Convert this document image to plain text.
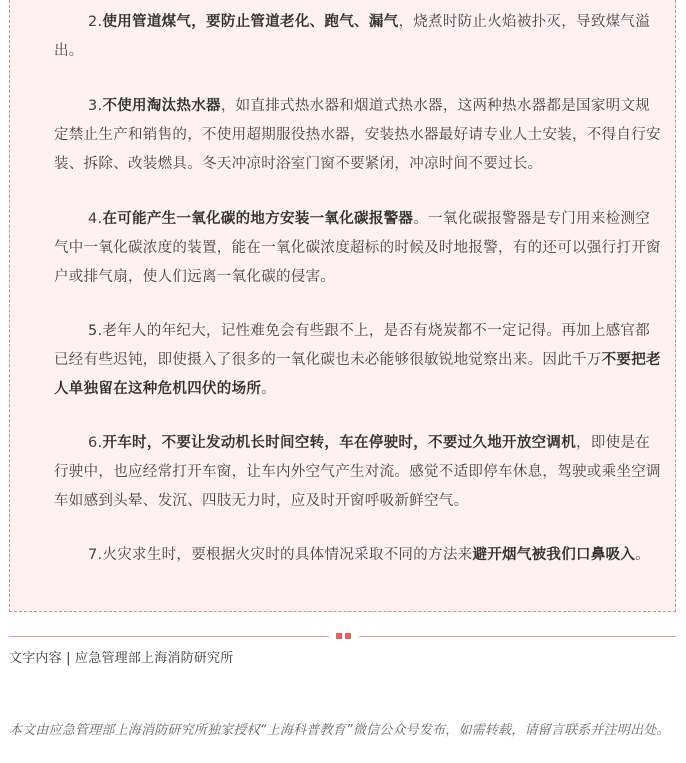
2.使用管道煤气，要防止管道老化、跑气、漏气，烧煮时防止火焰被扑灭，导致煤气溢出。

3.不使用淘汰热水器，如直排式热水器和烟道式热水器，这两种热水器都是国家明文规定禁止生产和销售的，不使用超期服役热水器，安装热水器最好请专业人士安装，不得自行安装、拆除、改装燃具。冬天冲凉时浴室门窗不要紧闭，冲凉时间不要过长。

4.在可能产生一氧化碳的地方安装一氧化碳报警器。一氧化碳报警器是专门用来检测空气中一氧化碳浓度的装置，能在一氧化碳浓度超标的时候及时地报警，有的还可以强行打开窗户或排气扇，使人们远离一氧化碳的侵害。

5.老年人的年纪大，记性难免会有些跟不上，是否有烧炭都不一定记得。再加上感官都已经有些迟钝，即使摄入了很多的一氧化碳也未必能够很敏锐地觉察出来。因此千万不要把老人单独留在这种危机四伏的场所。

6.开车时，不要让发动机长时间空转，车在停驶时，不要过久地开放空调机，即使是在行驶中，也应经常打开车窗，让车内外空气产生对流。感觉不适即停车休息，驾驶或乘坐空调车如感到头晕、发沉、四肢无力时，应及时开窗呼吸新鲜空气。

7.火灾求生时，要根据火灾时的具体情况采取不同的方法来避开烟气被我们口鼻吸入。

文字内容 | 应急管理部上海消防研究所
本文由应急管理部上海消防研究所独家授权“上海科普教育”微信公众号发布，如需转载，请留言联系并注明出处。
